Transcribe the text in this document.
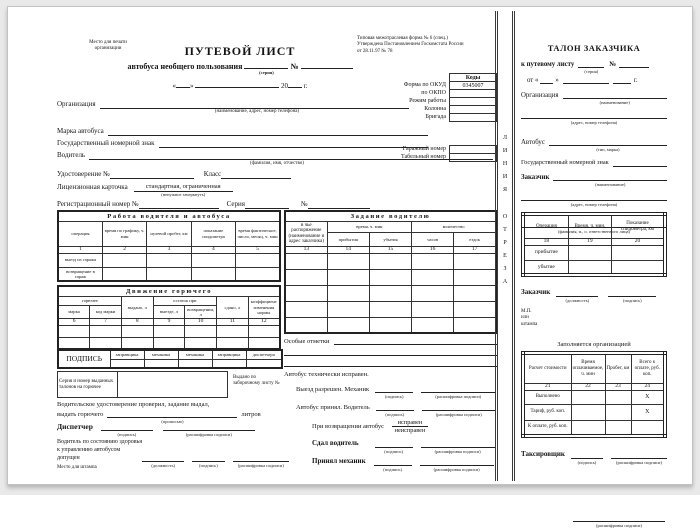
Место для печати
организации	ПУТЕВОЙ ЛИСТ
автобуса необщего пользования
(серия)
№
« »	20 г.
Типовая межотраслевая форма № 6 (спец.)
Утверждена Постановлением Госкомстата России
от 28.11.97 № 78
Коды
Форма по ОКУД	0345007
по ОКПО
Режим работы
Колонна
Бригада
Гаражный номер
Табельный номер
Организация
(наименование, адрес, номер телефона)
Марка автобуса
Государственный номерной знак
Водитель
(фамилия, имя, отчество)
Удостоверение №	Класс
Лицензионная карточка	стандартная, ограниченная
(ненужное зачеркнуть)
Регистрационный номер №	Серия	№
Работа водителя и автобуса				
операция	время по графику, ч. мин	нулевой пробег, км	показание спидометра	время фактическое, число, месяц, ч. мин
1	2	3	4	5
выезд из гаража				
возвращение в гараж				
Движение горючего						
горючее		выдано, л	остаток при		сдано, л	коэффициент изменения нормы
марка	код марки		выезде, л	возвращении, л		
6	7	8	9	10	11	12

ПОДПИСЬ	заправщика	механика	механика	заправщика	диспетчера

Серия и номер выданных талонов на горючее	
Выдано по заборочному листу №
Водительское удостоверение проверил, задание выдал,
выдать горючего
(прописью)
литров
Диспетчер
(подпись)	(расшифровка подписи)
Водитель по состоянию здоровья
к управлению автобусом допущен
(должность)	(подпись)	(расшифровка подписи)
Место для штампа
Задание водителю				
в чье распоряжение (наименование и адрес заказчика)	время, ч. мин		количество	
	прибытия	убытия	часов	ездок
13	14	15	16	17

Особые отметки
Автобус технически исправен.
Выезд разрешен. Механик
(подпись)	(расшифровка подписи)
Автобус принял. Водитель
(подпись)	(расшифровка подписи)
При возвращении автобус
исправен
неисправен
Сдал водитель
(подпись)	(расшифровка подписи)
Принял механик
(подпись)	(расшифровка подписи)
Л
И
Н
И
Я
О
Т
Р
Е
З
А
ТАЛОН ЗАКАЗЧИКА
к путевому листу
(серия)
№
от «	»	г.
Организация
(наименование)
(адрес, номер телефона)
Автобус
(тип, марка)
Государственный номерной знак
Заказчик
(наименование)
(адрес, номер телефона)

(фамилия, и., о. ответственного лица)

Операция	Время, ч. мин.	Показание спидометра, км
18	19	20
прибытие		
убытие		
Заказчик
(должность)	(подпись)
М.П.
или
штампа
(расшифровка подписи)
Заполняется организацией
Расчет стоимости	Время оплачиваемое, ч. мин	Пробег, км	Всего к оплате, руб. коп.
21	22	23	24
Выполнено			X
Тариф, руб. коп.			X
К оплате, руб. коп.			
Таксировщик
(подпись)	(расшифровка подписи)
